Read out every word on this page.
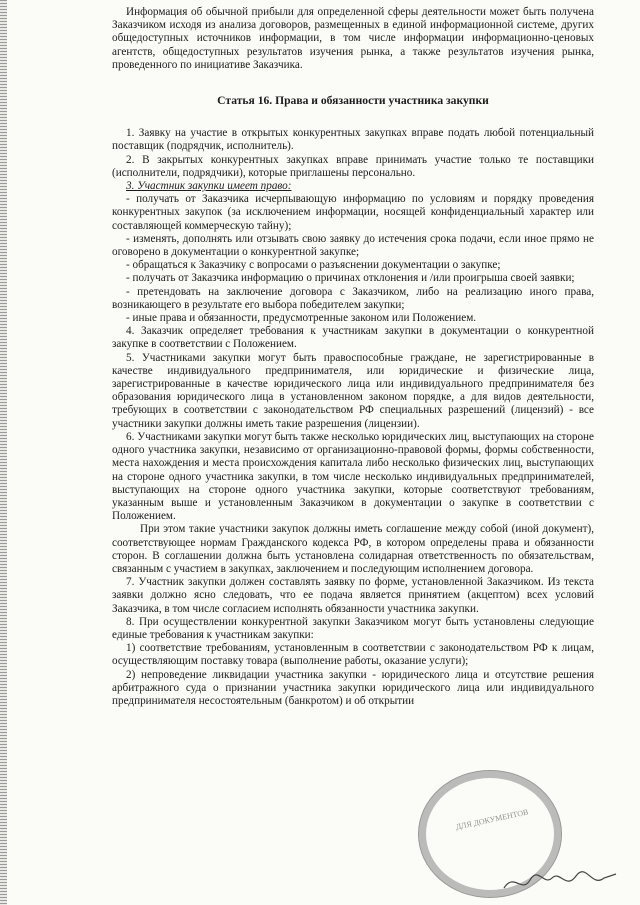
Информация об обычной прибыли для определенной сферы деятельности может быть получена Заказчиком исходя из анализа договоров, размещенных в единой информационной системе, других общедоступных источников информации, в том числе информации информационно-ценовых агентств, общедоступных результатов изучения рынка, а также результатов изучения рынка, проведенного по инициативе Заказчика.

Статья 16. Права и обязанности участника закупки

1. Заявку на участие в открытых конкурентных закупках вправе подать любой потенциальный поставщик (подрядчик, исполнитель).

2. В закрытых конкурентных закупках вправе принимать участие только те поставщики (исполнители, подрядчики), которые приглашены персонально.

3. Участник закупки имеет право:

- получать от Заказчика исчерпывающую информацию по условиям и порядку проведения конкурентных закупок (за исключением информации, носящей конфиденциальный характер или составляющей коммерческую тайну);

- изменять, дополнять или отзывать свою заявку до истечения срока подачи, если иное прямо не оговорено в документации о конкурентной закупке;

- обращаться к Заказчику с вопросами о разъяснении документации о закупке;

- получать от Заказчика информацию о причинах отклонения и /или проигрыша своей заявки;

- претендовать на заключение договора с Заказчиком, либо на реализацию иного права, возникающего в результате его выбора победителем закупки;

- иные права и обязанности, предусмотренные законом или Положением.

4. Заказчик определяет требования к участникам закупки в документации о конкурентной закупке в соответствии с Положением.

5. Участниками закупки могут быть правоспособные граждане, не зарегистрированные в качестве индивидуального предпринимателя, или юридические и физические лица, зарегистрированные в качестве юридического лица или индивидуального предпринимателя без образования юридического лица в установленном законом порядке, а для видов деятельности, требующих в соответствии с законодательством РФ специальных разрешений (лицензий) - все участники закупки должны иметь такие разрешения (лицензии).

6. Участниками закупки могут быть также несколько юридических лиц, выступающих на стороне одного участника закупки, независимо от организационно-правовой формы, формы собственности, места нахождения и места происхождения капитала либо несколько физических лиц, выступающих на стороне одного участника закупки, в том числе несколько индивидуальных предпринимателей, выступающих на стороне одного участника закупки, которые соответствуют требованиям, указанным выше и установленным Заказчиком в документации о закупке в соответствии с Положением.

При этом такие участники закупок должны иметь соглашение между собой (иной документ), соответствующее нормам Гражданского кодекса РФ, в котором определены права и обязанности сторон. В соглашении должна быть установлена солидарная ответственность по обязательствам, связанным с участием в закупках, заключением и последующим исполнением договора.

7. Участник закупки должен составлять заявку по форме, установленной Заказчиком. Из текста заявки должно ясно следовать, что ее подача является принятием (акцептом) всех условий Заказчика, в том числе согласием исполнять обязанности участника закупки.

8. При осуществлении конкурентной закупки Заказчиком могут быть установлены следующие единые требования к участникам закупки:

1) соответствие требованиям, установленным в соответствии с законодательством РФ к лицам, осуществляющим поставку товара (выполнение работы, оказание услуги);

2) непроведение ликвидации участника закупки - юридического лица и отсутствие решения арбитражного суда о признании участника закупки юридического лица или индивидуального предпринимателя несостоятельным (банкротом) и об открытии

ДЛЯ ДОКУМЕНТОВ
